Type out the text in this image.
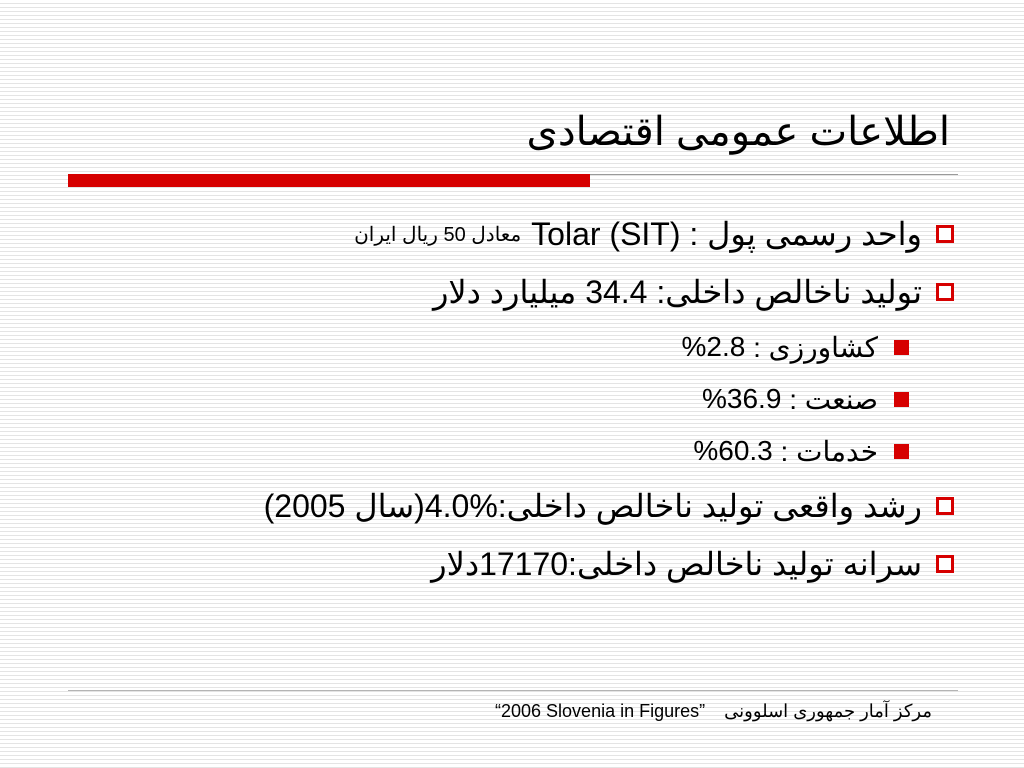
اطلاعات عمومی اقتصادی
واحد رسمی پول :

Tolar (SIT)
معادل 50 ریال ایران
تولید ناخالص داخلی:

34.4

میلیارد دلار
کشاورزی :

%2.8
صنعت :

%36.9
خدمات :

%60.3
رشد واقعی تولید ناخالص داخلی:
4.0%
(سال 2005)
سرانه تولید ناخالص داخلی:
17170
دلار
مرکز آمار جمهوری اسلوونی “2006 Slovenia in Figures”
